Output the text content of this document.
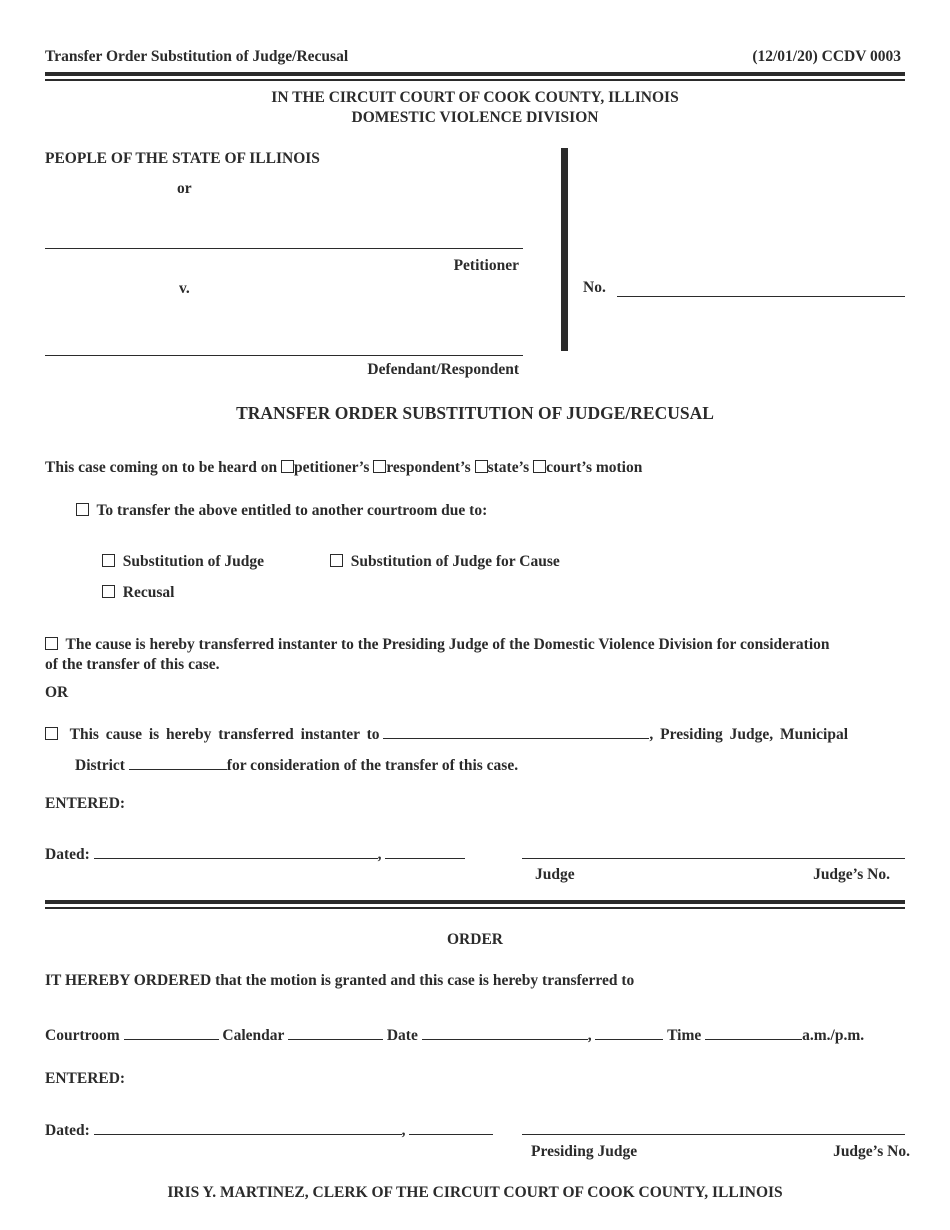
Transfer Order Substitution of Judge/Recusal	(12/01/20) CCDV 0003
IN THE CIRCUIT COURT OF COOK COUNTY, ILLINOIS
DOMESTIC VIOLENCE DIVISION
PEOPLE OF THE STATE OF ILLINOIS
or
Petitioner
v.
Defendant/Respondent
No.
TRANSFER ORDER SUBSTITUTION OF JUDGE/RECUSAL
This case coming on to be heard on petitioner’s respondent’s state’s court’s motion
To transfer the above entitled to another courtroom due to:
Substitution of Judge	Substitution of Judge for Cause
Recusal
The cause is hereby transferred instanter to the Presiding Judge of the Domestic Violence Division for consideration
of the transfer of this case.
OR
This cause is hereby transferred instanter to	, Presiding Judge, Municipal
District	for consideration of the transfer of this case.
ENTERED:
Dated:	,
Judge	Judge’s No.
ORDER
IT HEREBY ORDERED that the motion is granted and this case is hereby transferred to
Courtroom	Calendar	Date	,	Time	a.m./p.m.
ENTERED:
Dated:	,
Presiding Judge	Judge’s No.
IRIS Y. MARTINEZ, CLERK OF THE CIRCUIT COURT OF COOK COUNTY, ILLINOIS
